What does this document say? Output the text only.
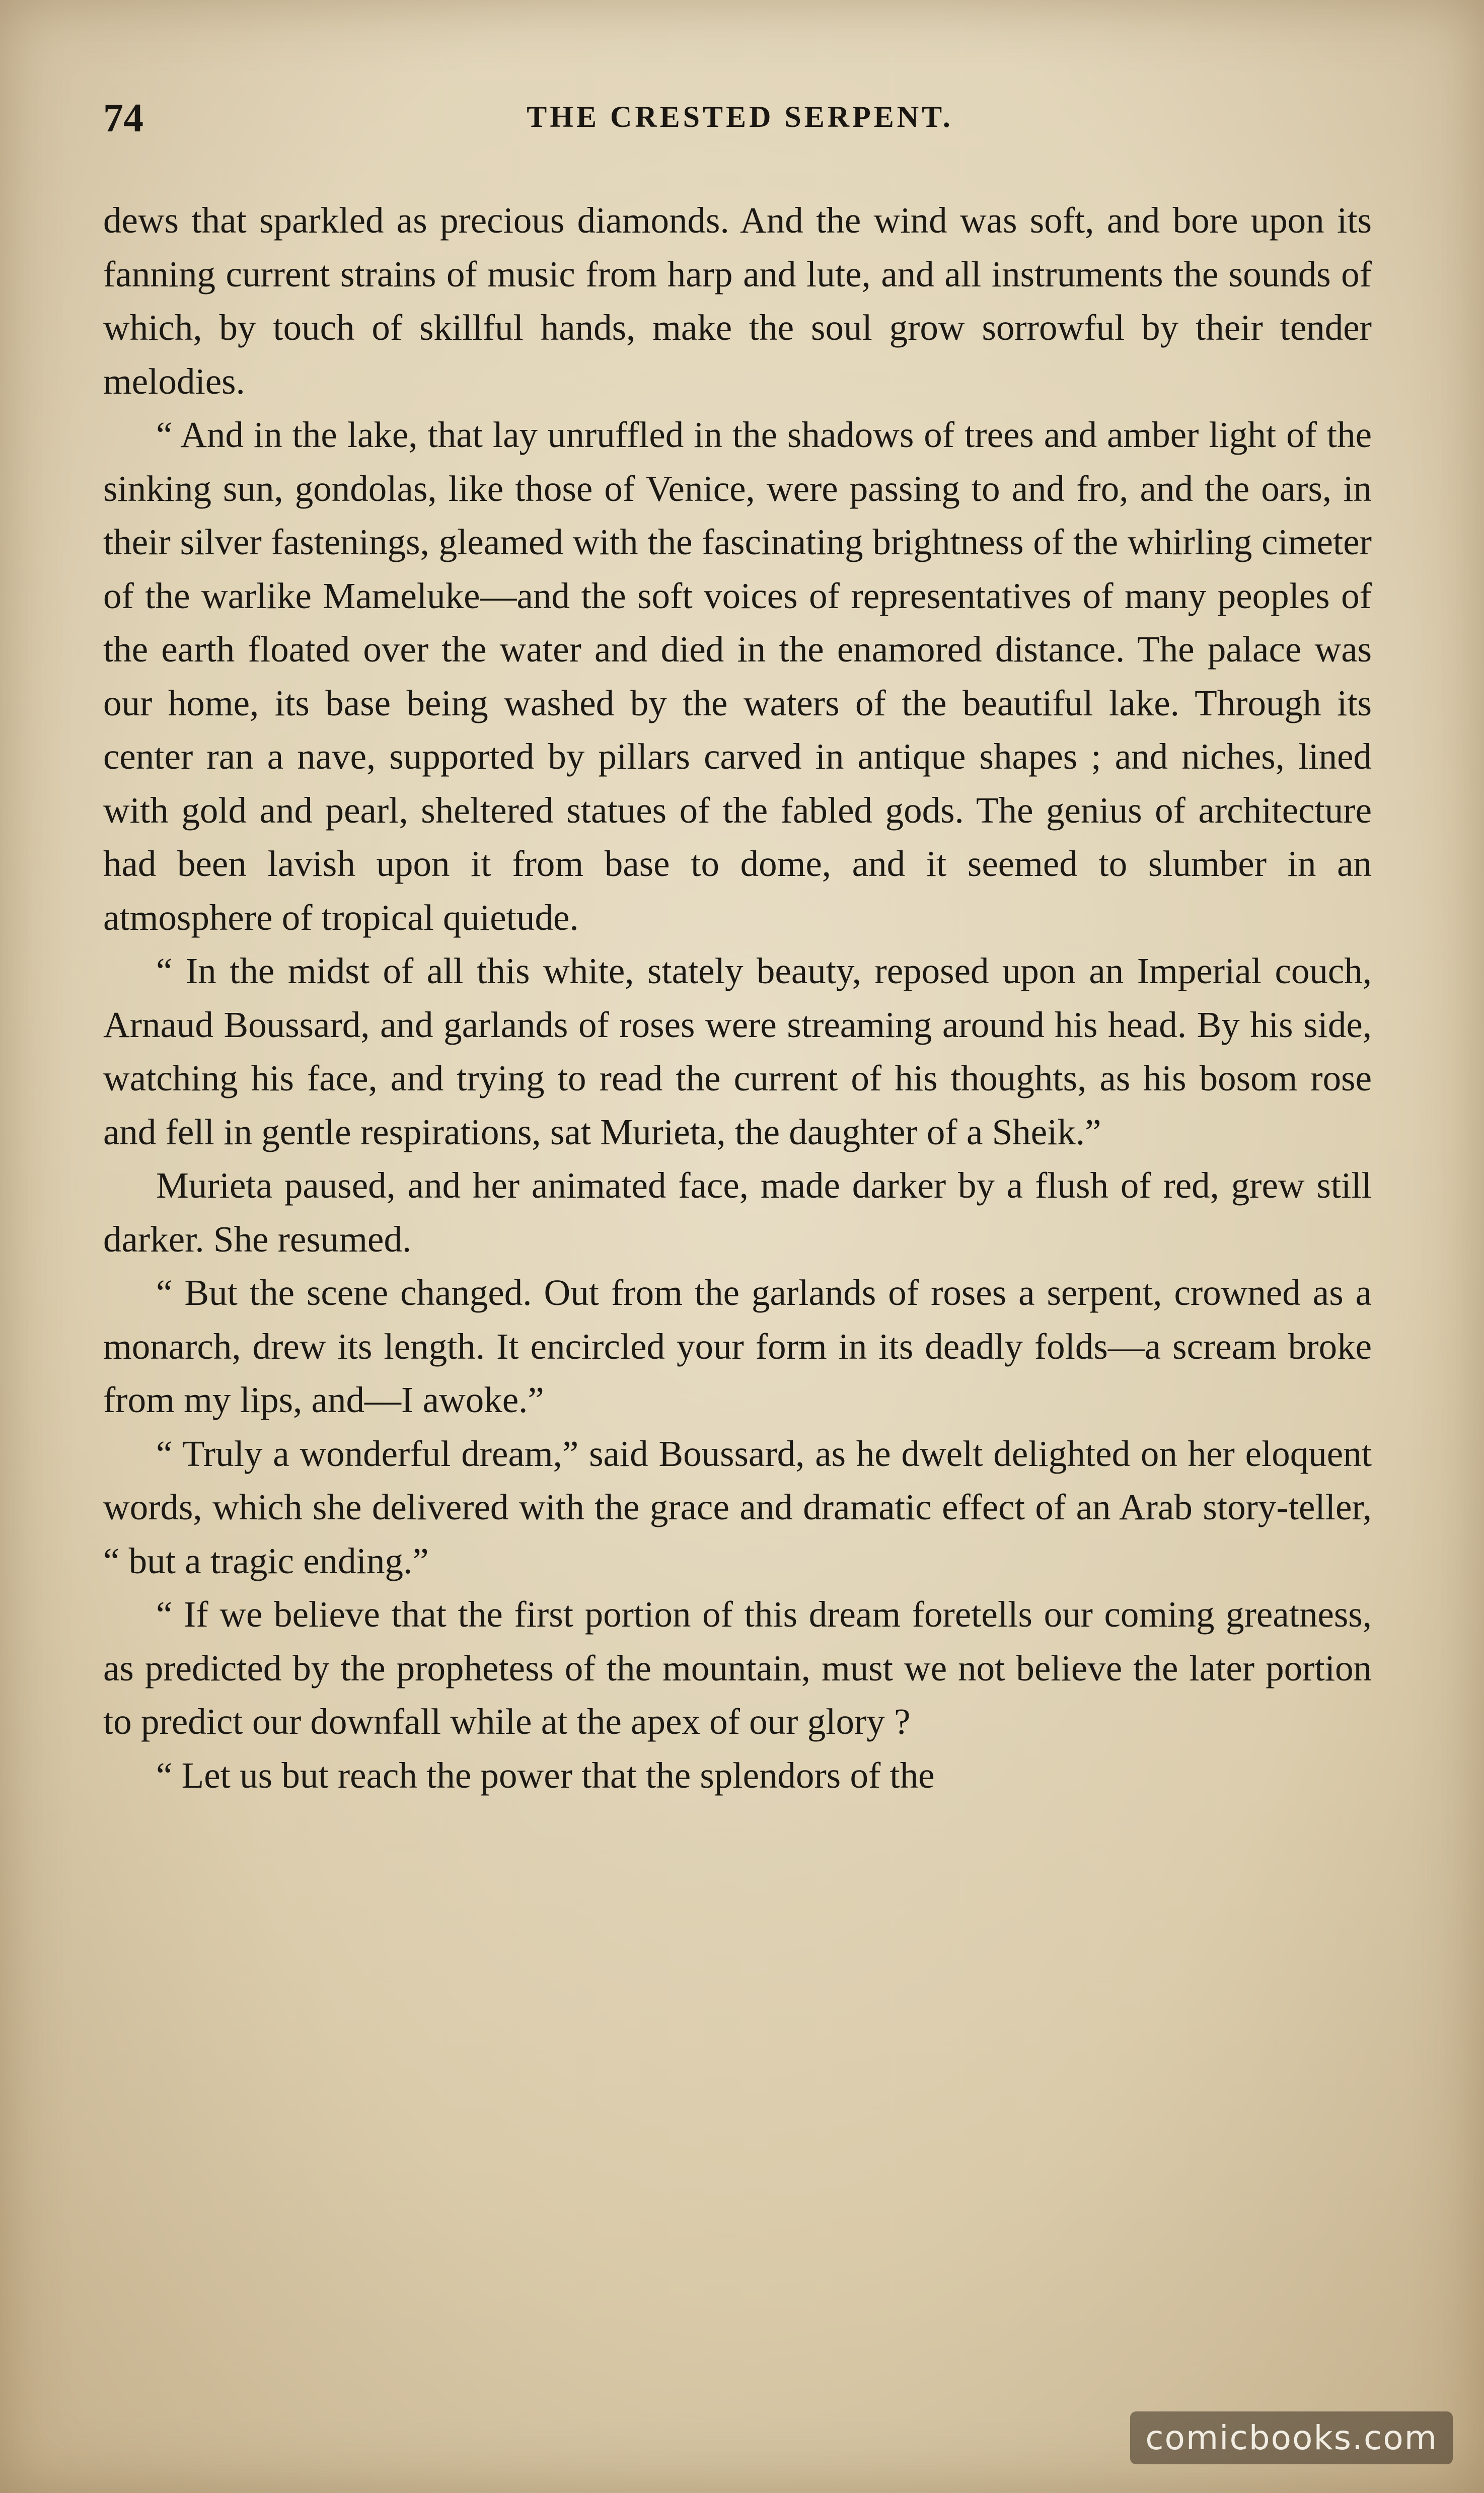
74	THE CRESTED SERPENT.

dews that sparkled as precious diamonds. And the wind was soft, and bore upon its fanning current strains of music from harp and lute, and all instruments the sounds of which, by touch of skillful hands, make the soul grow sorrowful by their tender melodies.

“ And in the lake, that lay unruffled in the shadows of trees and amber light of the sinking sun, gondolas, like those of Venice, were passing to and fro, and the oars, in their silver fastenings, gleamed with the fascinating brightness of the whirling cimeter of the warlike Mameluke—and the soft voices of representatives of many peoples of the earth floated over the water and died in the enamored distance. The palace was our home, its base being washed by the waters of the beautiful lake. Through its center ran a nave, supported by pillars carved in antique shapes ; and niches, lined with gold and pearl, sheltered statues of the fabled gods. The genius of architecture had been lavish upon it from base to dome, and it seemed to slumber in an atmosphere of tropical quietude.

“ In the midst of all this white, stately beauty, reposed upon an Imperial couch, Arnaud Boussard, and garlands of roses were streaming around his head. By his side, watching his face, and trying to read the current of his thoughts, as his bosom rose and fell in gentle respirations, sat Murieta, the daughter of a Sheik.”

Murieta paused, and her animated face, made darker by a flush of red, grew still darker. She resumed.

“ But the scene changed. Out from the garlands of roses a serpent, crowned as a monarch, drew its length. It encircled your form in its deadly folds—a scream broke from my lips, and—I awoke.”

“ Truly a wonderful dream,” said Boussard, as he dwelt delighted on her eloquent words, which she delivered with the grace and dramatic effect of an Arab story-teller, “ but a tragic ending.”

“ If we believe that the first portion of this dream foretells our coming greatness, as predicted by the prophetess of the mountain, must we not believe the later portion to predict our downfall while at the apex of our glory ?

“ Let us but reach the power that the splendors of the

comicbooks.com
